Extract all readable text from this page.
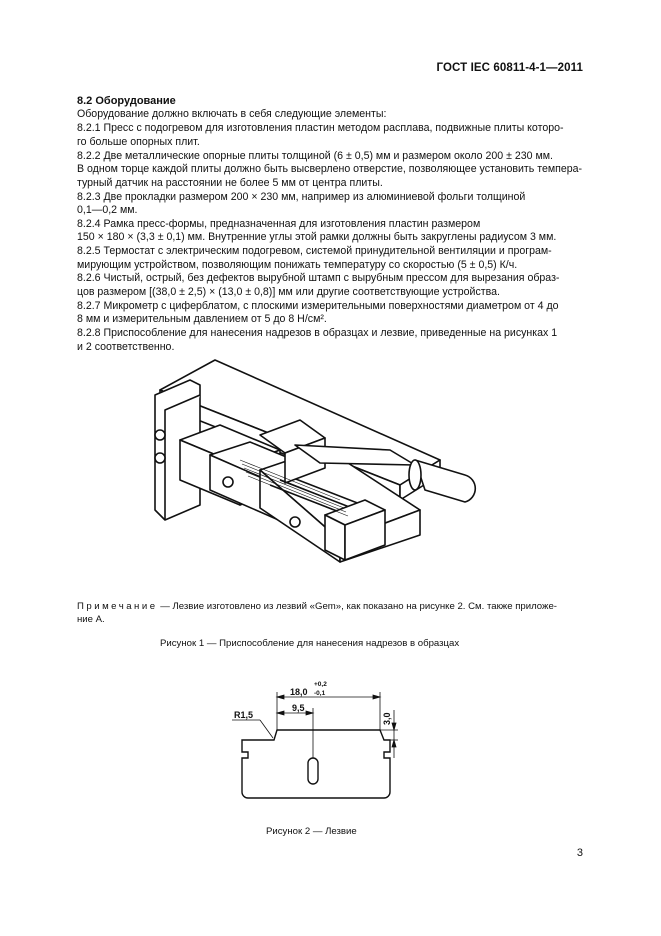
ГОСТ IEC 60811-4-1—2011
8.2 Оборудование
Оборудование должно включать в себя следующие элементы:
8.2.1 Пресс с подогревом для изготовления пластин методом расплава, подвижные плиты которо-
го больше опорных плит.
8.2.2 Две металлические опорные плиты толщиной (6 ± 0,5) мм и размером около 200 ± 230 мм.
В одном торце каждой плиты должно быть высверлено отверстие, позволяющее установить темпера-
турный датчик на расстоянии не более 5 мм от центра плиты.
8.2.3 Две прокладки размером 200 × 230 мм, например из алюминиевой фольги толщиной
0,1—0,2 мм.
8.2.4 Рамка пресс-формы, предназначенная для изготовления пластин размером
150 × 180 × (3,3 ± 0,1) мм. Внутренние углы этой рамки должны быть закруглены радиусом 3 мм.
8.2.5 Термостат с электрическим подогревом, системой принудительной вентиляции и програм-
мирующим устройством, позволяющим понижать температуру со скоростью (5 ± 0,5) К/ч.
8.2.6 Чистый, острый, без дефектов вырубной штамп с вырубным прессом для вырезания образ-
цов размером [(38,0 ± 2,5) × (13,0 ± 0,8)] мм или другие соответствующие устройства.
8.2.7 Микрометр с циферблатом, с плоскими измерительными поверхностями диаметром от 4 до
8 мм и измерительным давлением от 5 до 8 Н/см².
8.2.8 Приспособление для нанесения надрезов в образцах и лезвие, приведенные на рисунках 1
и 2 соответственно.
Примечание — Лезвие изготовлено из лезвий «Gem», как показано на рисунке 2. См. также приложе-
ние А.
Рисунок 1 — Приспособление для нанесения надрезов в образцах
18,0
+0,2
-0,1
9,5
R1,5	3,0
Рисунок 2 — Лезвие
3
